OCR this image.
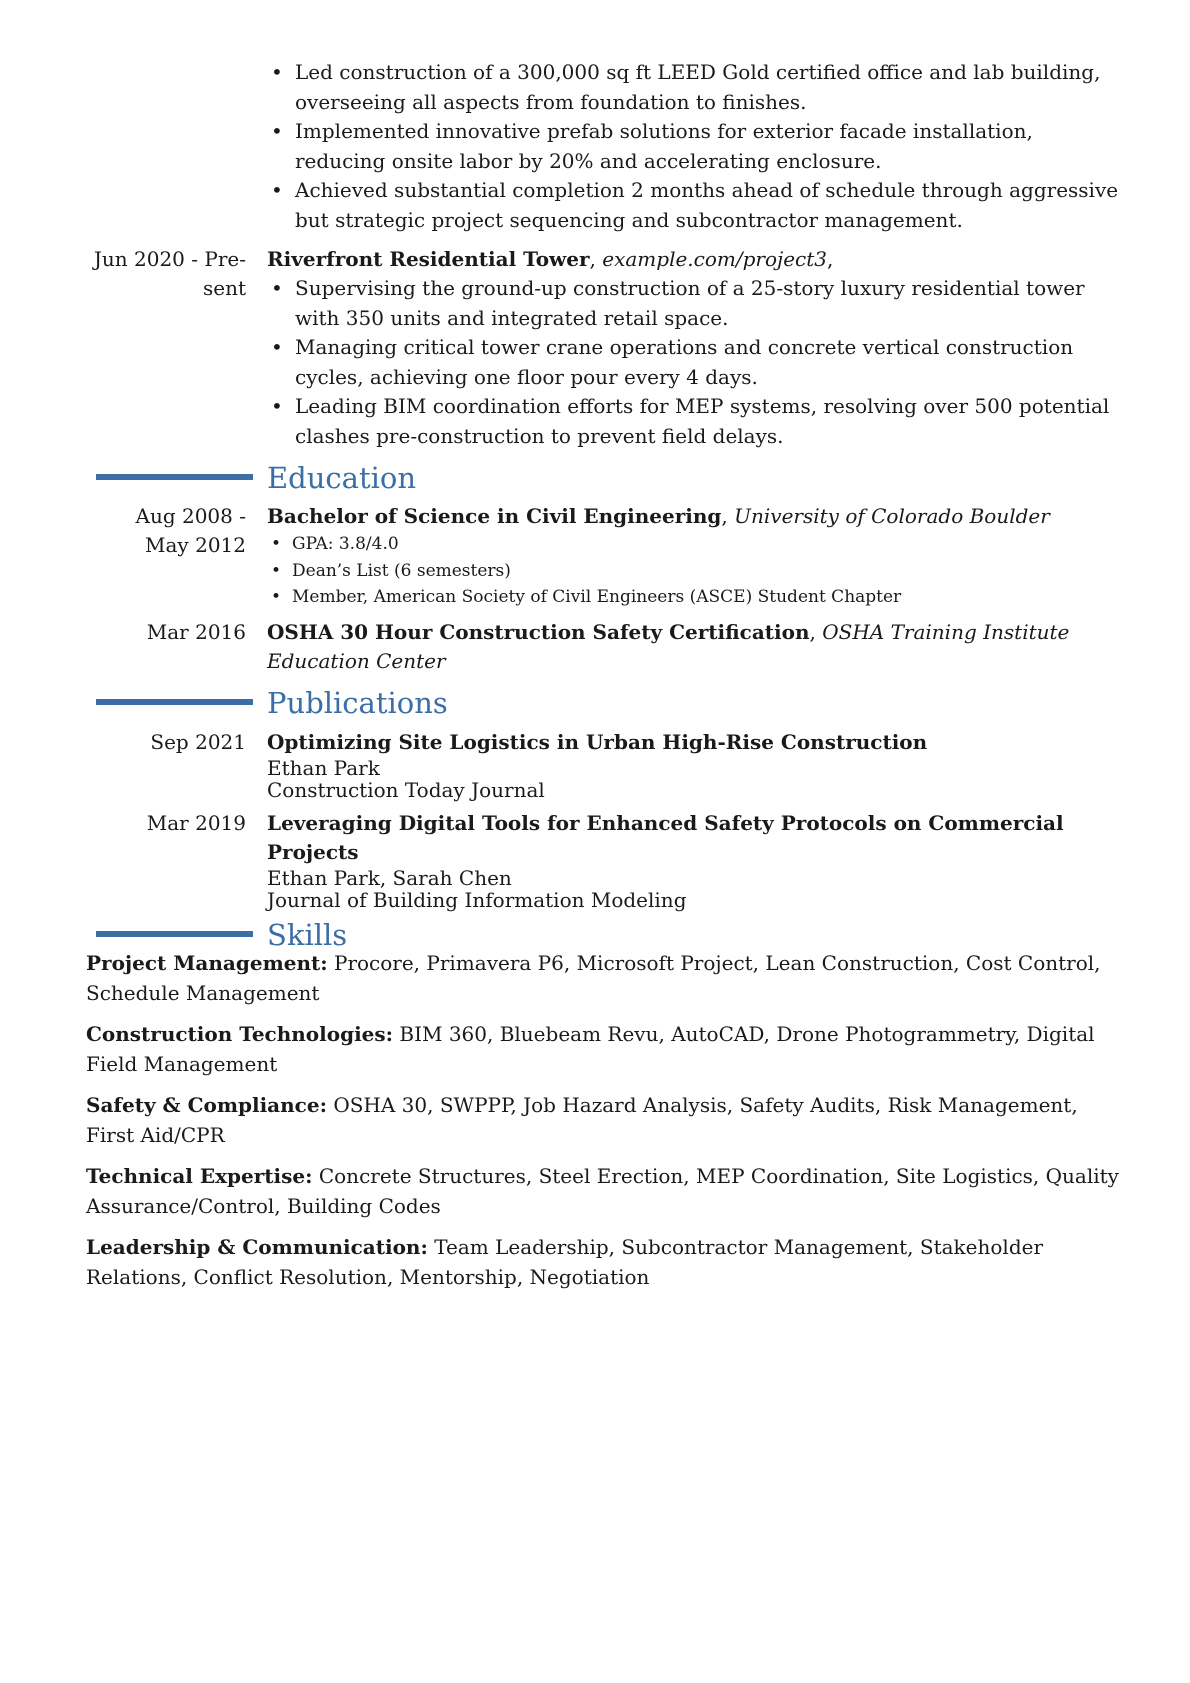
• Led construction of a 300,000 sq ft LEED Gold certified office and lab building, overseeing all aspects from foundation to finishes.
• Implemented innovative prefab solutions for exterior facade installation, reducing onsite labor by 20% and accelerating enclosure.
• Achieved substantial completion 2 months ahead of schedule through aggressive but strategic project sequencing and subcontractor management.
Jun 2020 - Pre-
sent
Riverfront Residential Tower, example.com/project3,
• Supervising the ground-up construction of a 25-story luxury residential tower with 350 units and integrated retail space.
• Managing critical tower crane operations and concrete vertical construction cycles, achieving one floor pour every 4 days.
• Leading BIM coordination efforts for MEP systems, resolving over 500 potential clashes pre-construction to prevent field delays.
Education
Aug 2008 -
May 2012
Bachelor of Science in Civil Engineering, University of Colorado Boulder
• GPA: 3.8/4.0
• Dean’s List (6 semesters)
• Member, American Society of Civil Engineers (ASCE) Student Chapter
Mar 2016 OSHA 30 Hour Construction Safety Certification, OSHA Training Institute Education Center
Publications
Sep 2021 Optimizing Site Logistics in Urban High-Rise Construction
Ethan Park
Construction Today Journal
Mar 2019 Leveraging Digital Tools for Enhanced Safety Protocols on Commercial Projects
Ethan Park, Sarah Chen
Journal of Building Information Modeling
Skills
Project Management: Procore, Primavera P6, Microsoft Project, Lean Construction, Cost Control, Schedule Management
Construction Technologies: BIM 360, Bluebeam Revu, AutoCAD, Drone Photogrammetry, Digital Field Management
Safety & Compliance: OSHA 30, SWPPP, Job Hazard Analysis, Safety Audits, Risk Management, First Aid/CPR
Technical Expertise: Concrete Structures, Steel Erection, MEP Coordination, Site Logistics, Quality Assurance/Control, Building Codes
Leadership & Communication: Team Leadership, Subcontractor Management, Stakeholder Relations, Conflict Resolution, Mentorship, Negotiation
